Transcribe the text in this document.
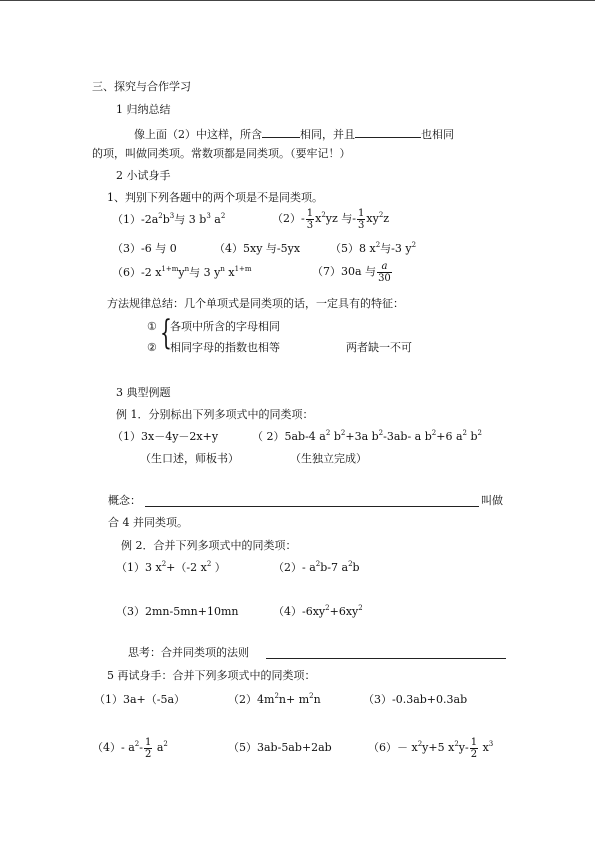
三、探究与合作学习
1 归纳总结
像上面（2）中这样，所含	相同，并且	也相同
的项，叫做同类项。常数项都是同类项。（要牢记！）
2 小试身手
1、判别下列各题中的两个项是不是同类项。
$(1)-2a^2b^3$与 3 $b^3$ $a^2$	$(2)- \frac{1}{3} x^2yz$ 与- $\frac{1}{3} xy^2z$
（3）-6 与 0	（4）5xy 与-5yx	（5）8 $x^2$与-3 $y^2$
（6）-2 $x^{1+m}y^n$与 3 $y^n$ $x^{1+m}$	（7）30a 与 $\frac{a}{30}$
方法规律总结：几个单项式是同类项的话，一定具有的特征：
①
② {
各项中所含的字母相同
相同字母的指数也相等	两者缺一不可
3 典型例题
例 1．分别标出下列多项式中的同类项：
（1）3x－4y－2x+y	（ 2）5ab-4 $a^2$ $b^2+3a$ $b^2-3ab-$ a $b^2+6$ $a^2$ $b^2$
（生口述，师板书）	（生独立完成）
概念：	叫做
合 4 并同类项。
例 2．合并下列多项式中的同类项：
（1）3 $x^2+(-2$ $x^2$ ）	（2）- $a^2b-7$ $a^2b$
（3）2mn-5mn+10mn	$(4)-6xy^2+6xy^2$
思考：合并同类项的法则
5 再试身手：合并下列多项式中的同类项：
（1）3a+（-5a）	$(2)4m^2n+ m^2n$	（3）-0.3ab+0.3ab
（4）- $a^2- \frac{1}{2} a^2$	（5）3ab-5ab+2ab	$(6)- x^2y+5$ $x^2y- \frac{1}{2} x^3$
